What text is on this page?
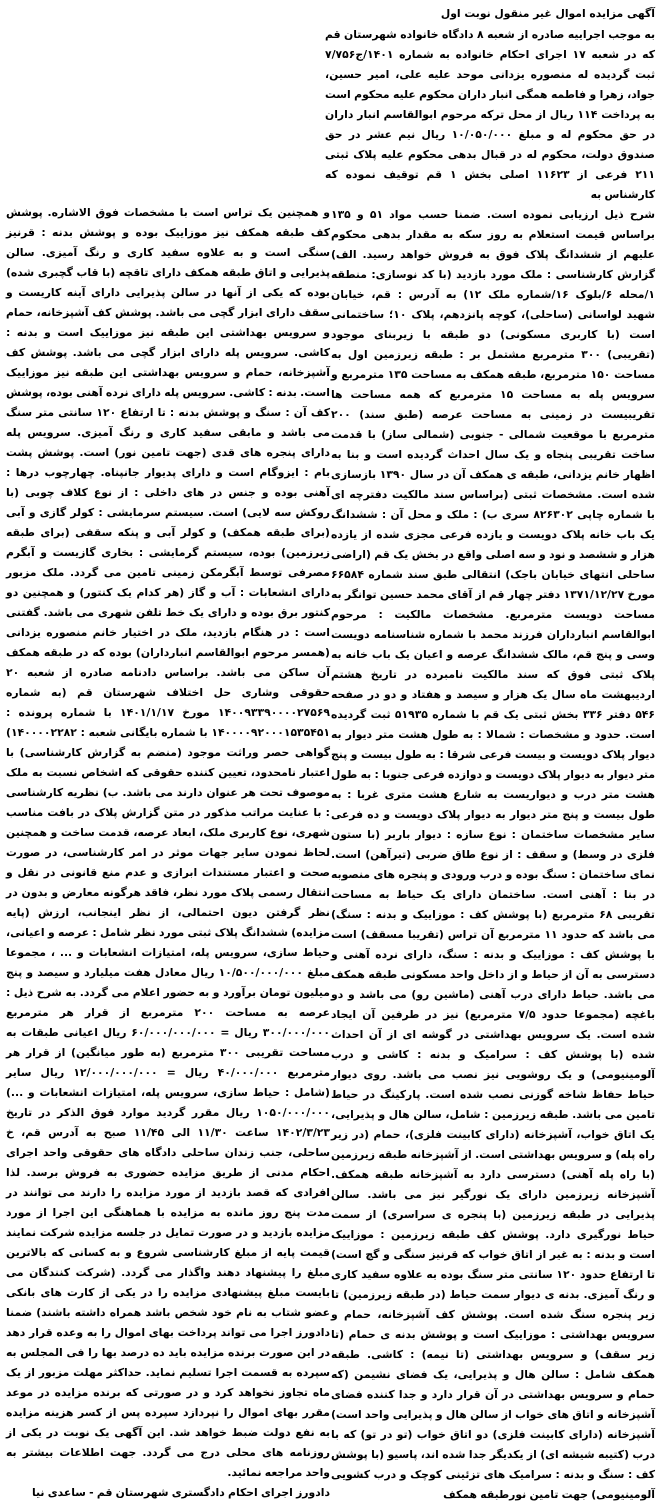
آگهی مزایده اموال غیر منقول نوبت اول

به موجب اجراییه صادره از شعبه ۸ دادگاه خانواده شهرستان قم که در شعبه ۱۷ اجرای احکام خانواده به شماره ۱۴۰۱/ج۷/۷۵۶ ثبت گردیده له منصوره یزدانی موحد علیه علی، امیر حسین، جواد، زهرا و فاطمه همگی انبار داران محکوم علیه محکوم است به پرداخت ۱۱۴ ریال از محل ترکه مرحوم ابوالقاسم انبار داران در حق محکوم له و مبلغ ۱۰/۰۵۰/۰۰۰ ریال نیم عشر در حق صندوق دولت، محکوم له در قبال بدهی محکوم علیه پلاک ثبتی ۲۱۱ فرعی از ۱۱۶۲۳ اصلی بخش ۱ قم توقیف نموده که کارشناس به

شرح ذیل ارزیابی نموده است. ضمنا حسب مواد ۵۱ و ۱۳۵ براساس قیمت استعلام به روز سکه به مقدار بدهی محکوم علیهم از ششدانگ پلاک فوق به فروش خواهد رسید. الف) گزارش کارشناسی : ملک مورد بازدید (با کد نوسازی: منطقه ۱/محله ۶/بلوک ۱۶/شماره ملک ۱۲) به آدرس : قم، خیابان شهید لواسانی (ساحلی)، کوچه پانزدهم، پلاک ۱۰؛ ساختمانی است (با کاربری مسکونی) دو طبقه با زیربنای موجود (تقریبی) ۳۰۰ مترمربع مشتمل بر : طبقه زیرزمین اول به مساحت ۱۵۰ مترمربع، طبقه همکف به مساحت ۱۳۵ مترمربع و سرویس پله به مساحت ۱۵ مترمربع که همه مساحت ها تقریبیست در زمینی به مساحت عرصه (طبق سند) ۲۰۰ مترمربع با موقعیت شمالی - جنوبی (شمالی ساز) با قدمت ساخت تقریبی پنجاه و یک سال احداث گردیده است و بنا به اظهار خانم یزدانی، طبقه ی همکف آن در سال ۱۳۹۰ بازسازی شده است. مشخصات ثبتی (براساس سند مالکیت دفترچه ای با شماره چاپی ۸۲۶۳۰۲ سری ب) : ملک و محل آن : ششدانگ یک باب خانه پلاک دویست و یازده فرعی مجزی شده از یازده هزار و ششصد و نود و سه اصلی واقع در بخش یک قم (اراضی ساحلی انتهای خیابان باجک) انتقالی طبق سند شماره ۶۶۵۸۴ مورخ ۱۳۷۱/۱۲/۲۷ دفتر چهار قم از آقای محمد حسین توانگر به مساحت دویست مترمربع. مشخصات مالکیت : مرحوم ابوالقاسم انبارداران فرزند محمد با شماره شناسنامه دویست وسی و پنج قم، مالک ششدانگ عرصه و اعیان یک باب خانه به پلاک ثبتی فوق که سند مالکیت نامبرده در تاریخ هشتم اردیبهشت ماه سال یک هزار و سیصد و هفتاد و دو در صفحه ۵۴۶ دفتر ۳۳۶ بخش ثبتی یک قم با شماره ۵۱۹۳۵ ثبت گردیده است. حدود و مشخصات : شمالا : به طول هشت متر دیوار به دیوار پلاک دویست و بیست فرعی شرقا : به طول بیست و پنج متر دیوار به دیوار پلاک دویست و دوازده فرعی جنوبا : به طول هشت متر درب و دیواریست به شارع هشت متری غربا : به طول بیست و پنج متر دیوار به دیوار پلاک دویست و ده فرعی سایر مشخصات ساختمان : نوع سازه : دیوار باربر (با ستون فلزی در وسط) و سقف : از نوع طاق ضربی (تیرآهن) است. نمای ساختمان : سنگ بوده و درب ورودی و پنجره های منصوبه در بنا : آهنی است. ساختمان دارای یک حیاط به مساحت تقریبی ۶۸ مترمربع (با پوشش کف : موزاییک و بدنه : سنگ) می باشد که حدود ۱۱ مترمربع آن تراس (تقریبا مسقف) است با پوشش کف : موزاییک و بدنه : سنگ، دارای نرده آهنی و دسترسی به آن از حیاط و از داخل واحد مسکونی طبقه همکف می باشد. حیاط دارای درب آهنی (ماشین رو) می باشد و دو باغچه (مجموعا حدود ۷/۵ مترمربع) نیز در طرفین آن ایجاد شده است. یک سرویس بهداشتی در گوشه ای از آن احداث شده (با پوشش کف : سرامیک و بدنه : کاشی و درب آلومینیومی) و یک روشویی نیز نصب می باشد. روی دیوار حیاط حفاظ شاخه گوزنی نصب شده است. پارکینگ در حیاط تامین می باشد. طبقه زیرزمین : شامل، سالن هال و پذیرایی، یک اتاق خواب، آشپزخانه (دارای کابینت فلزی)، حمام (در زیر راه پله) و سرویس بهداشتی است. از آشپزخانه طبقه زیرزمین (با راه پله آهنی) دسترسی دارد به آشپزخانه طبقه همکف. آشپزخانه زیرزمین دارای یک نورگیر نیز می باشد. سالن پذیرایی در طبقه زیرزمین (با پنجره ی سراسری) از سمت حیاط نورگیری دارد. پوشش کف طبقه زیرزمین : موزاییک است و بدنه : به غیر از اتاق خواب که قرنیز سنگی و گچ است) تا ارتفاع حدود ۱۲۰ سانتی متر سنگ بوده به علاوه سفید کاری و رنگ آمیزی. بدنه ی دیوار سمت حیاط (در طبقه زیرزمین) تا زیر پنجره سنگ شده است. پوشش کف آشپزخانه، حمام و سرویس بهداشتی : موزاییک است و پوشش بدنه ی حمام (تا زیر سقف) و سرویس بهداشتی (تا نیمه) : کاشی. طبقه همکف شامل : سالن هال و پذیرایی، یک فضای نشیمن (که حمام و سرویس بهداشتی در آن قرار دارد و جدا کننده فضای آشپزخانه و اتاق های خواب از سالن هال و پذیرایی واحد است) آشپزخانه (دارای کابینت فلزی) دو اتاق خواب (تو در تو) که با درب (کتیبه شیشه ای) از یکدیگر جدا شده اند، پاسیو (با پوشش کف : سنگ و بدنه : سرامیک های تزئینی کوچک و درب کشویی آلومینیومی) جهت تامین نورطبقه همکف

و همچنین یک تراس است با مشخصات فوق الاشاره. پوشش کف طبقه همکف نیز موزاییک بوده و پوشش بدنه : قرنیز سنگی است و به علاوه سفید کاری و رنگ آمیزی. سالن پذیرایی و اتاق طبقه همکف دارای تاقچه (با قاب گچبری شده) بوده که یکی از آنها در سالن پذیرایی دارای آینه کاریست و سقف دارای ابزار گچی می باشد. پوشش کف آشپزخانه، حمام و سرویس بهداشتی این طبقه نیز موزاییک است و بدنه : کاشی. سرویس پله دارای ابزار گچی می باشد. پوشش کف آشپزخانه، حمام و سرویس بهداشتی این طبقه نیز موزاییک است. بدنه : کاشی. سرویس پله دارای نرده آهنی بوده، پوشش کف آن : سنگ و پوشش بدنه : تا ارتفاع ۱۲۰ سانتی متر سنگ می باشد و مابقی سفید کاری و رنگ آمیزی. سرویس پله دارای پنجره های قدی (جهت تامین نور) است. پوشش پشت بام : ایزوگام است و دارای پدیوار جانپناه. چهارچوب درها : آهنی بوده و جنس در های داخلی : از نوع کلاف چوبی (با روکش سه لایی) است. سیستم سرمایشی : کولر گازی و آبی (برای طبقه همکف) و کولر آبی و پنکه سقفی (برای طبقه زیرزمین) بوده، سیستم گرمایشی : بخاری گازیست و آبگرم مصرفی توسط آبگرمکن زمینی تامین می گردد. ملک مزبور دارای انشعابات : آب و گاز (هر کدام یک کنتور) و همچنین دو کنتور برق بوده و دارای یک خط تلفن شهری می باشد. گفتنی است : در هنگام بازدید، ملک در اختیار خانم منصوره یزدانی (همسر مرحوم ابوالقاسم انبارداران) بوده که در طبقه همکف آن ساکن می باشد. براساس دادنامه صادره از شعبه ۲۰ حقوقی وشاری حل اختلاف شهرستان قم (به شماره ۱۴۰۰۹۳۳۹۰۰۰۰۲۷۵۶۹ مورخ ۱۴۰۱/۱/۱۷ با شماره پرونده : ۱۴۰۰۰۰۹۲۰۰۰۱۵۳۵۴۵۱ با شماره بایگانی شعبه : ۱۴۰۰۰۰۲۲۸۲) گواهی حصر وراثت موجود (منضم به گزارش کارشناسی) با اعتبار نامحدود، تعیین کننده حقوقی که اشخاص نسبت به ملک موصوف تحت هر عنوان دارند می باشد. ب) نظریه کارشناسی : با عنایت مراتب مذکور در متن گزارش پلاک در بافت مناسب شهری، نوع کاربری ملک، ابعاد عرصه، قدمت ساخت و همچنین لحاظ نمودن سایر جهات موثر در امر کارشناسی، در صورت صحت و اعتبار مستندات ابرازی و عدم منع قانونی در نقل و انتقال رسمی پلاک مورد نظر، فاقد هرگونه معارض و بدون در نظر گرفتن دیون احتمالی، از نظر اینجانب، ارزش (پایه مزایده) ششدانگ پلاک ثبتی مورد نظر شامل : عرصه و اعیانی، حیاط سازی، سرویس پله، امتیازات انشعابات و ... ، مجموعا مبلغ ۱۰/۵۰۰/۰۰۰/۰۰۰ ریال معادل هفت میلیارد و سیصد و پنج میلیون تومان برآورد و به حضور اعلام می گردد. به شرح ذیل : عرصه به مساحت ۲۰۰ مترمربع از قرار هر مترمربع ۳۰۰/۰۰۰/۰۰۰ ریال = ۶۰/۰۰۰/۰۰۰/۰۰۰ ریال اعیانی طبقات به مساحت تقریبی ۳۰۰ مترمربع (به طور میانگین) از قرار هر مترمربع ۴۰/۰۰۰/۰۰۰ ریال = ۱۲/۰۰۰/۰۰۰/۰۰۰ ریال سایر (شامل : حیاط سازی، سرویس پله، امتیازات انشعابات و ...) ۱۰۵۰/۰۰۰/۰۰۰ ریال مقرر گردید موارد فوق الذکر در تاریخ ۱۴۰۲/۳/۲۳ ساعت ۱۱/۳۰ الی ۱۱/۴۵ صبح به آدرس قم، خ ساحلی، جنب زندان ساحلی دادگاه های حقوقی واحد اجرای احکام مدنی از طریق مزایده حضوری به فروش برسد. لذا افرادی که قصد بازدید از مورد مزایده را دارند می توانند در مدت پنج روز مانده به مزایده با هماهنگی این اجرا از مورد مزایده بازدید و در صورت تمایل در جلسه مزایده شرکت نمایند قیمت پایه از مبلغ کارشناسی شروع و به کسانی که بالاترین مبلغ را پیشنهاد دهند واگذار می گردد. (شرکت کنندگان می بایست مبلغ پیشنهادی مزایده را در یکی از کارت های بانکی عضو شتاب به نام خود شخص باشد همراه داشته باشند) ضمنا دادورز اجرا می تواند پرداخت بهای اموال را به وعده قرار دهد در این صورت برنده مزایده باید ده درصد بها را فی المجلس به سپرده به قسمت اجرا تسلیم نماید. حداکثر مهلت مزبور از یک ماه تجاوز نخواهد کرد و در صورتی که برنده مزایده در موعد مقرر بهای اموال را نپردازد سپرده پس از کسر هزینه مزایده به نفع دولت ضبط خواهد شد. این آگهی یک نوبت در یکی از روزنامه های محلی درج می گردد. جهت اطلاعات بیشتر به واحد مراجعه نمائید.

دادورز اجرای احکام دادگستری شهرستان قم - ساعدی نیا
